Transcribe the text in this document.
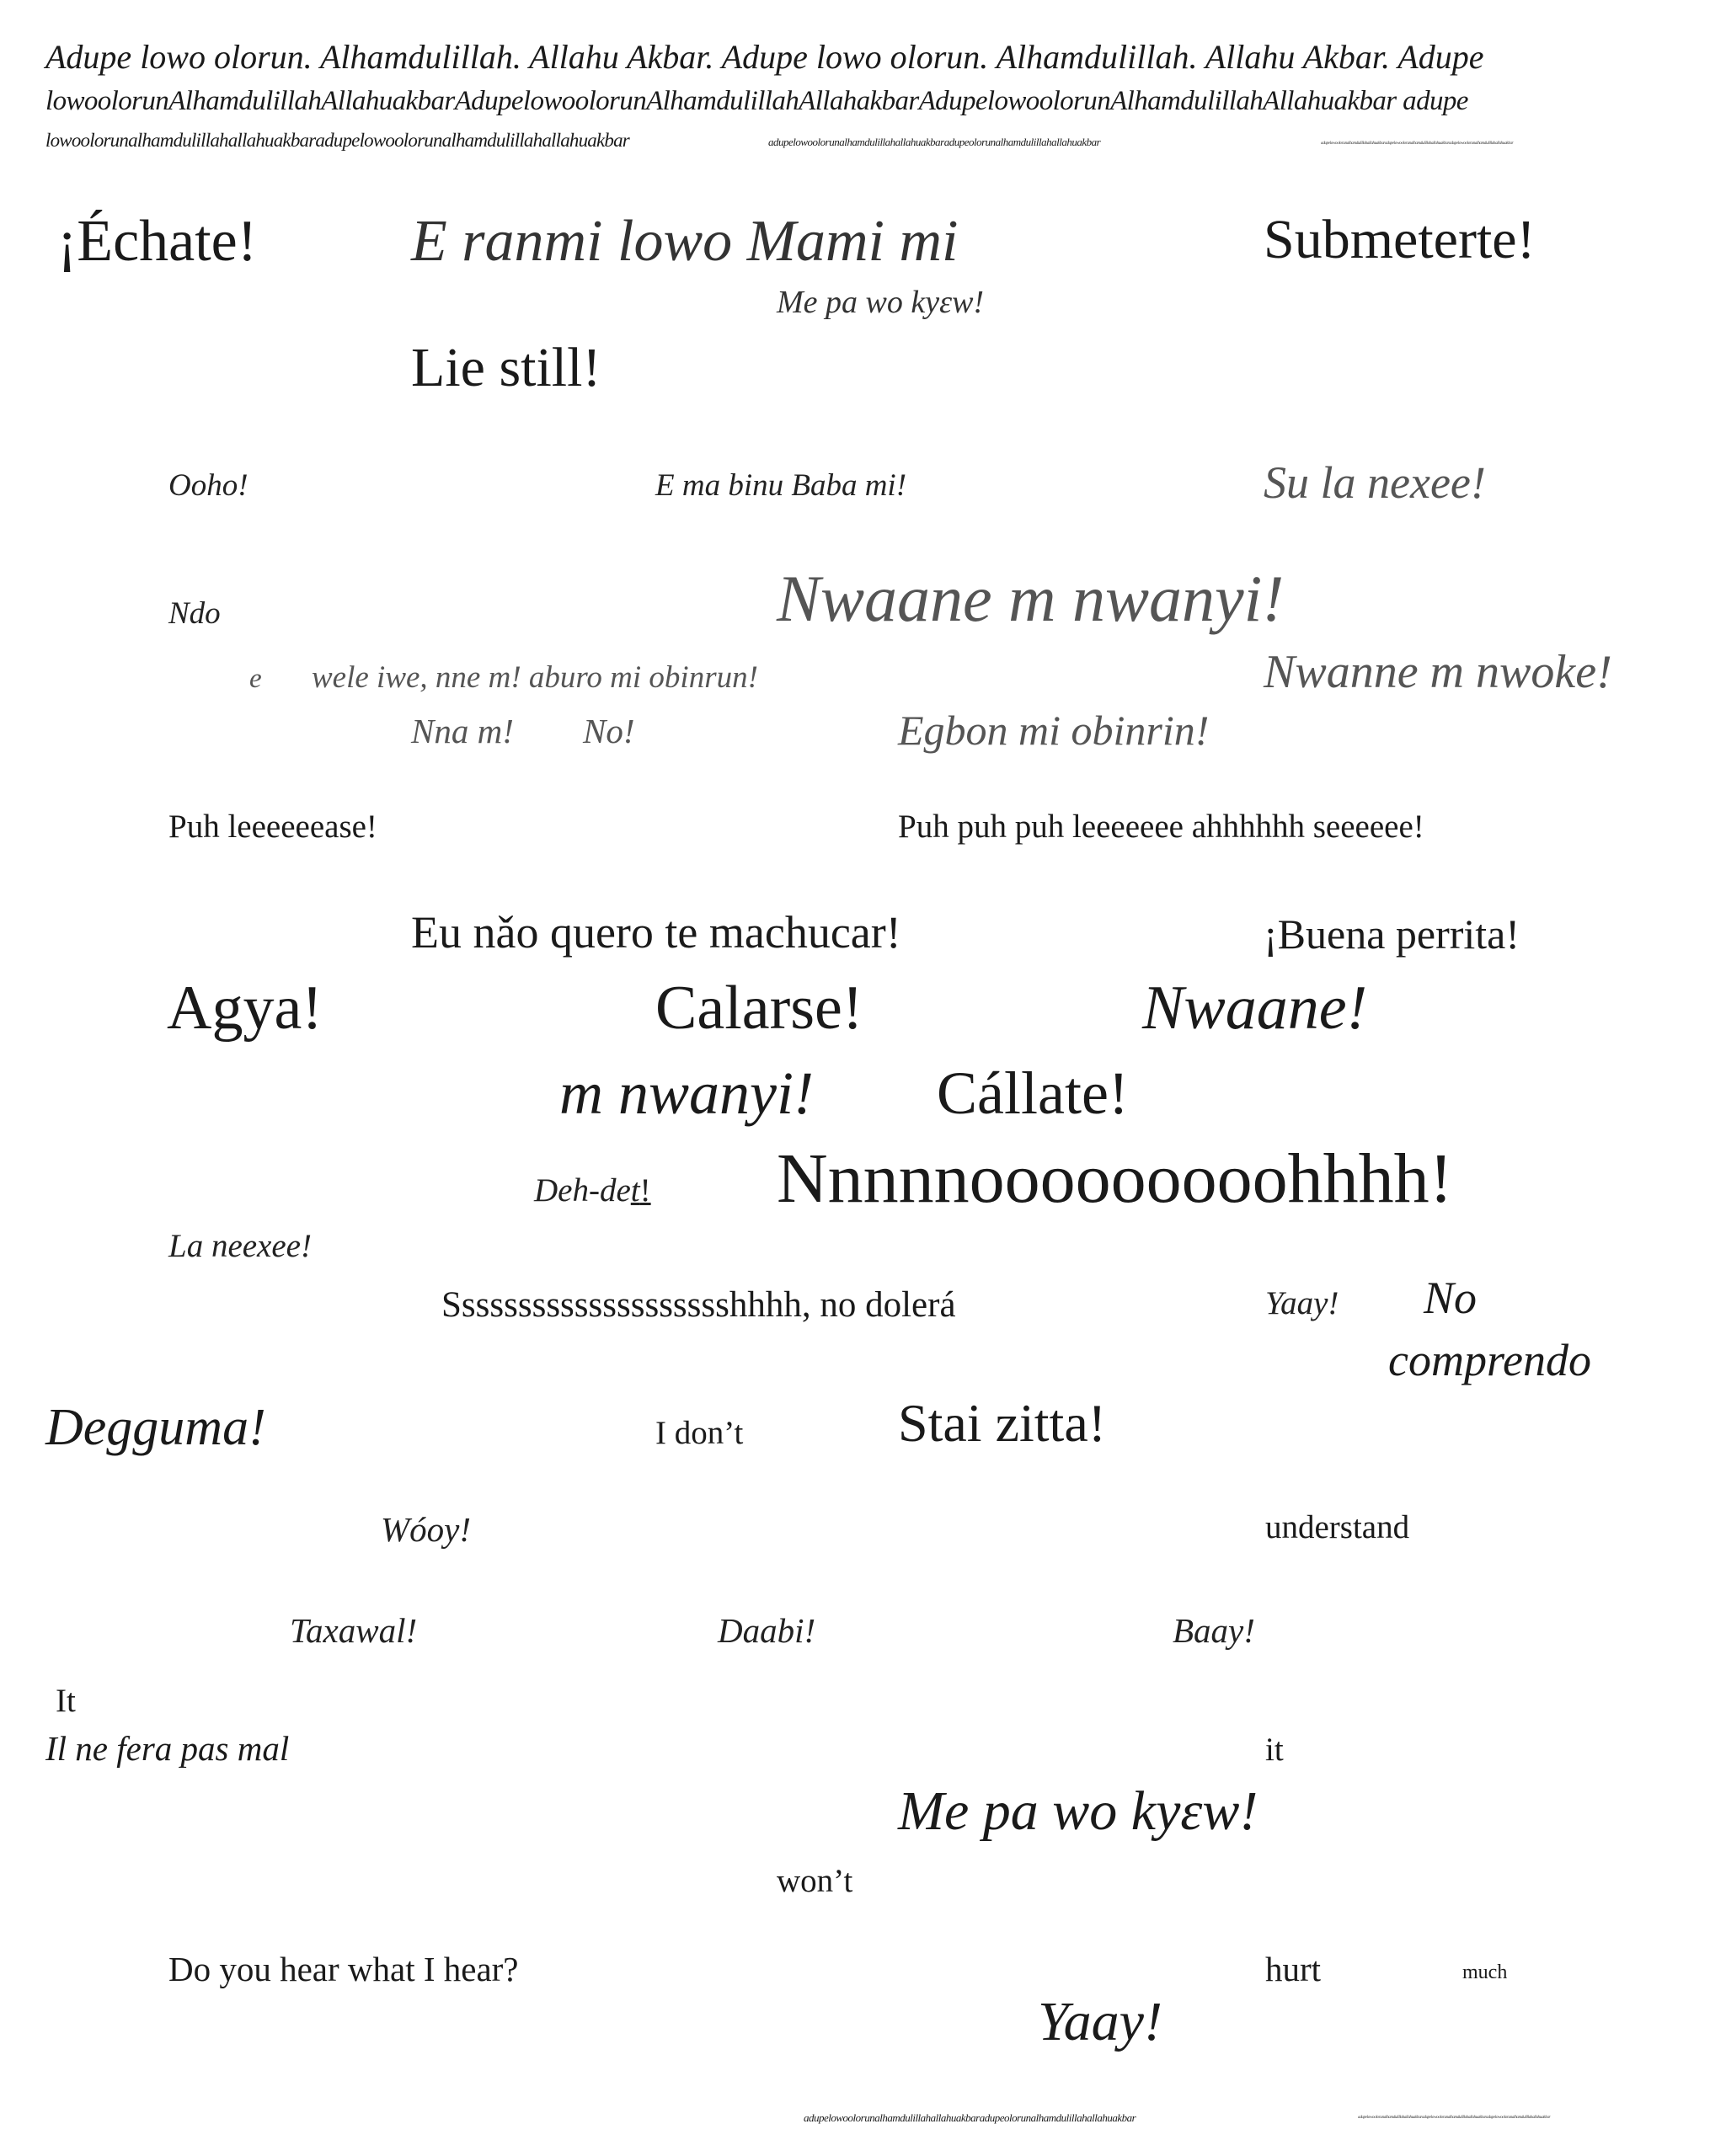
Adupe lowo olorun. Alhamdulillah. Allahu Akbar. Adupe lowo olorun. Alhamdulillah. Allahu Akbar. Adupe
lowoolorunAlhamdulillahAllahuakbarAdupelowoolorunAlhamdulillahAllahakbarAdupelowoolorunAlhamdulillahAllahuakbar adupe
lowoolorunalhamdulillahallahuakbaradupelowoolorunalhamdulillahallahuakbar	adupelowoolorunalhamdulillahallahuakbaradupeolorunalhamdulillahallahuakbar	adupelowoolorunalhamdulillahallahuakbaradupelowoolorunalhamdulillahallahuakbaradupelowoolorunalhamdulillahallahuakbar
¡Échate!	E ranmi lowo Mami mi	Submeterte!
Me pa wo kyɛw!
Lie still!
Ooho!	E ma binu Baba mi!	Su la nexee!
Ndo	Nwaane m nwanyi!
e wele iwe, nne m! aburo mi obinrun!	Nwanne m nwoke!
Nna m! No!	Egbon mi obinrin!
Puh leeeeeease!	Puh puh puh leeeeeee ahhhhhh seeeeee!
Eu nǎo quero te machucar!	¡Buena perrita!
Agya!	Calarse!	Nwaane!
m nwanyi! Cállate!
Deh-det! Nnnnnooooooooohhhh!
La neexee!
Sssssssssssssssssssshhhh, no dolerá	Yaay! No
comprendo
Degguma!	I don’t	Stai zitta!
Wóoy!	understand
Taxawal!	Daabi!	Baay!
It
Il ne fera pas mal	it
Me pa wo kyɛw!
won’t
Do you hear what I hear?	hurt	much
Yaay!
adupelowoolorunalhamdulillahallahuakbaradupeolorunalhamdulillahallahuakbar	adupelowoolorunalhamdulillahallahuakbaradupelowoolorunalhamdulillahallahuakbaradupelowoolorunalhamdulillahallahuakbar
